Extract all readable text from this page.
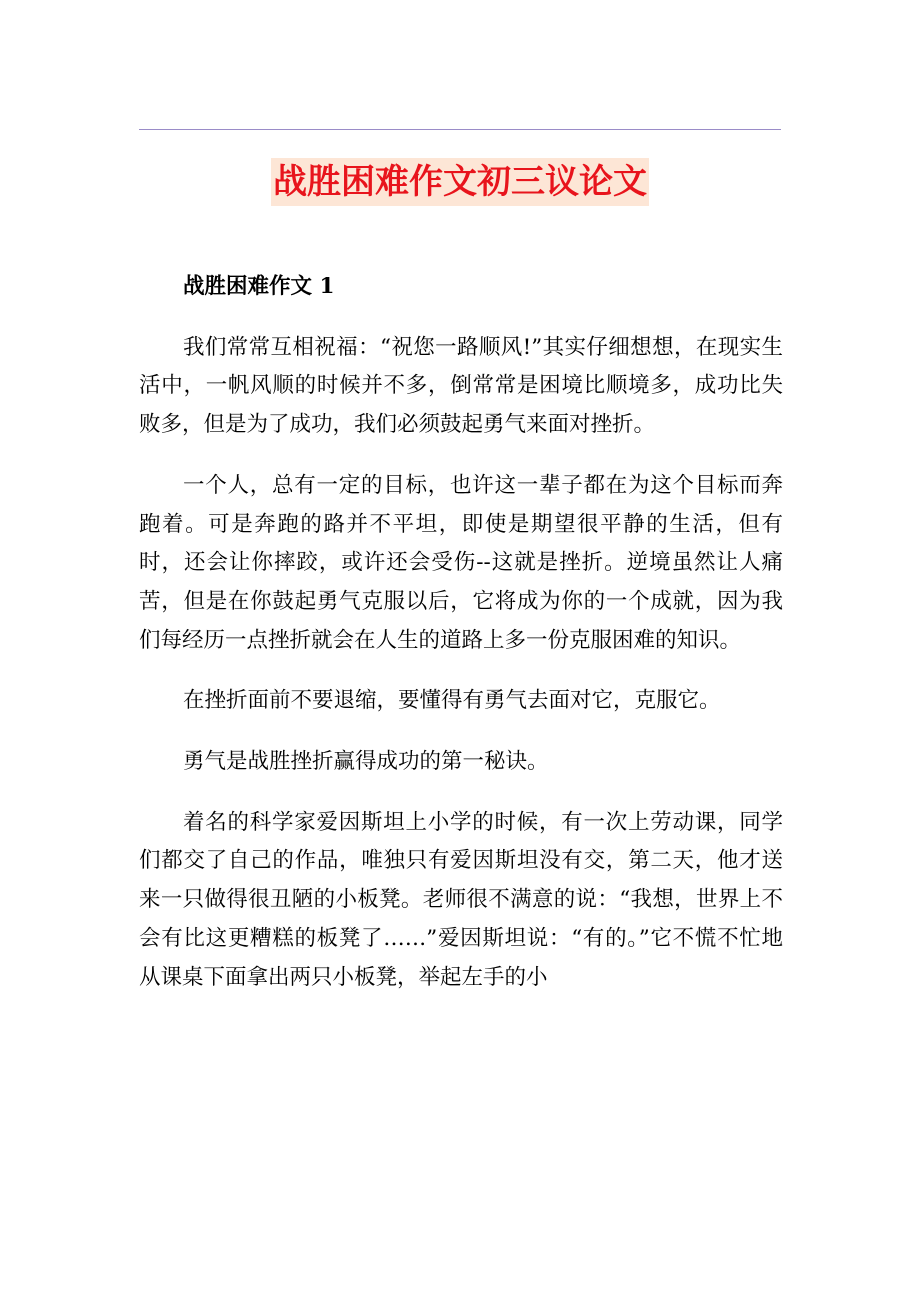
战胜困难作文初三议论文

战胜困难作文 1

我们常常互相祝福：“祝您一路顺风!”其实仔细想想，在现实生活中，一帆风顺的时候并不多，倒常常是困境比顺境多，成功比失败多，但是为了成功，我们必须鼓起勇气来面对挫折。

一个人，总有一定的目标，也许这一辈子都在为这个目标而奔跑着。可是奔跑的路并不平坦，即使是期望很平静的生活，但有时，还会让你摔跤，或许还会受伤--这就是挫折。逆境虽然让人痛苦，但是在你鼓起勇气克服以后，它将成为你的一个成就，因为我们每经历一点挫折就会在人生的道路上多一份克服困难的知识。

在挫折面前不要退缩，要懂得有勇气去面对它，克服它。

勇气是战胜挫折赢得成功的第一秘诀。

着名的科学家爱因斯坦上小学的时候，有一次上劳动课，同学们都交了自己的作品，唯独只有爱因斯坦没有交，第二天，他才送来一只做得很丑陋的小板凳。老师很不满意的说：“我想，世界上不会有比这更糟糕的板凳了……”爱因斯坦说：“有的。”它不慌不忙地从课桌下面拿出两只小板凳，举起左手的小
